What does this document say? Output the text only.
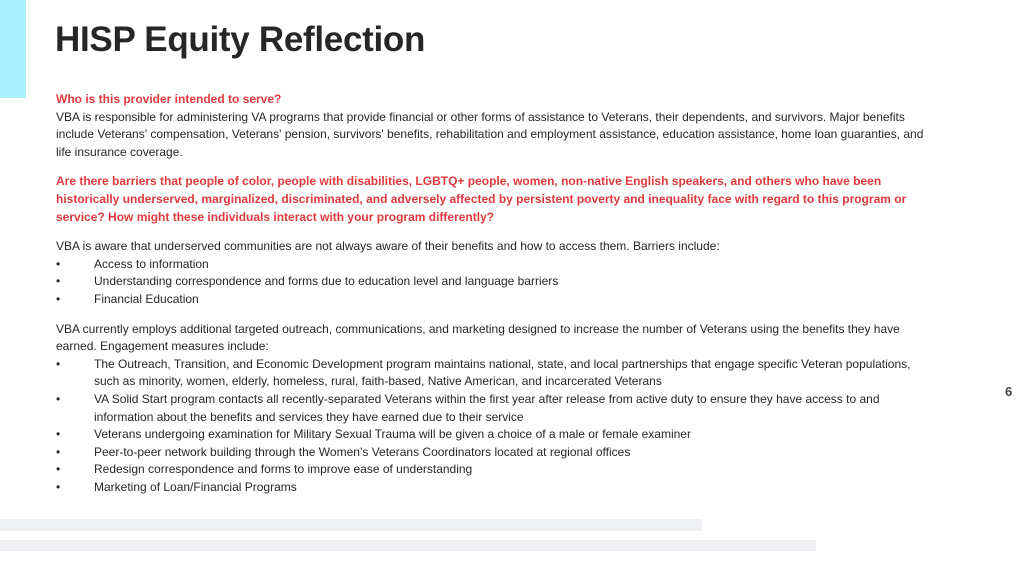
HISP Equity Reflection

Who is this provider intended to serve?

VBA is responsible for administering VA programs that provide financial or other forms of assistance to Veterans, their dependents, and survivors. Major benefits include Veterans' compensation, Veterans' pension, survivors' benefits, rehabilitation and employment assistance, education assistance, home loan guaranties, and life insurance coverage.

Are there barriers that people of color, people with disabilities, LGBTQ+ people, women, non-native English speakers, and others who have been historically underserved, marginalized, discriminated, and adversely affected by persistent poverty and inequality face with regard to this program or service? How might these individuals interact with your program differently?

VBA is aware that underserved communities are not always aware of their benefits and how to access them. Barriers include:

•	Access to information
•	Understanding correspondence and forms due to education level and language barriers
•	Financial Education

VBA currently employs additional targeted outreach, communications, and marketing designed to increase the number of Veterans using the benefits they have earned. Engagement measures include:

•	The Outreach, Transition, and Economic Development program maintains national, state, and local partnerships that engage specific Veteran populations, such as minority, women, elderly, homeless, rural, faith-based, Native American, and incarcerated Veterans
•	VA Solid Start program contacts all recently-separated Veterans within the first year after release from active duty to ensure they have access to and information about the benefits and services they have earned due to their service
•	Veterans undergoing examination for Military Sexual Trauma will be given a choice of a male or female examiner
•	Peer-to-peer network building through the Women’s Veterans Coordinators located at regional offices
•	Redesign correspondence and forms to improve ease of understanding
•	Marketing of Loan/Financial Programs
6
